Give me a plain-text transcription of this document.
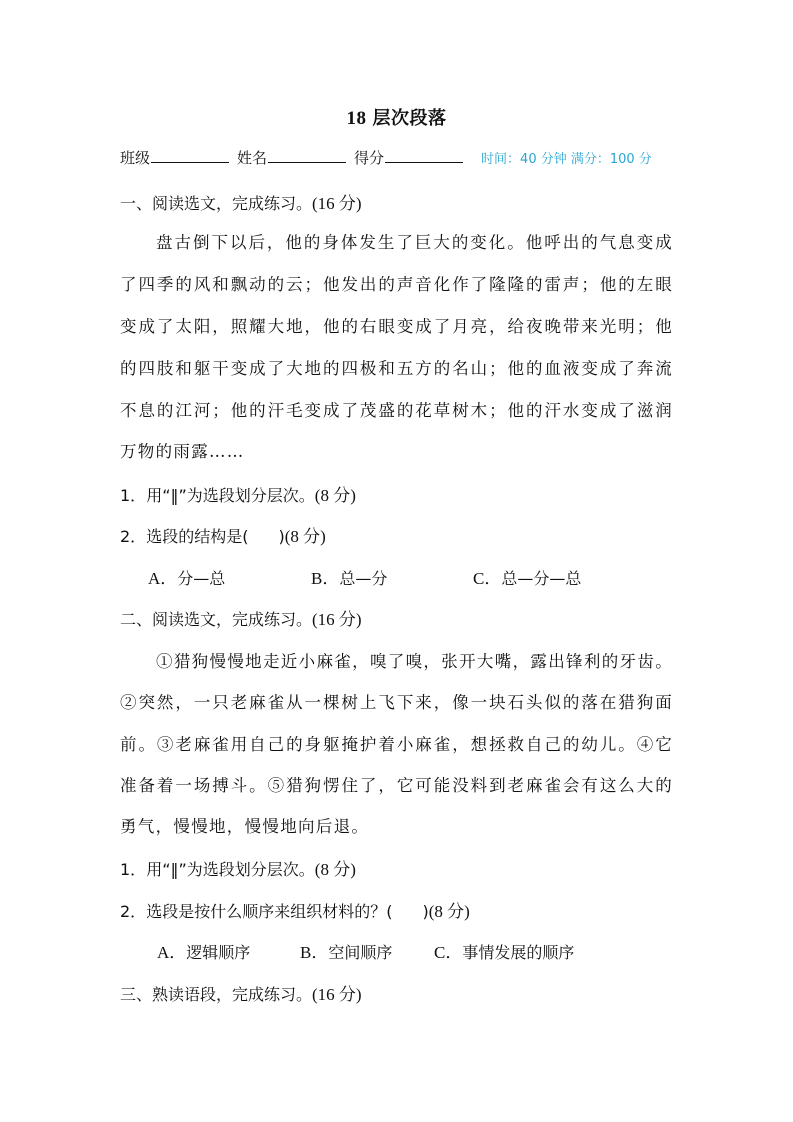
18 层次段落
班级	姓名	得分	时间：40 分钟 满分：100 分
一、阅读选文，完成练习。(16 分)
盘古倒下以后，他的身体发生了巨大的变化。他呼出的气息变成
了四季的风和飘动的云；他发出的声音化作了隆隆的雷声；他的左眼
变成了太阳，照耀大地，他的右眼变成了月亮，给夜晚带来光明；他
的四肢和躯干变成了大地的四极和五方的名山；他的血液变成了奔流
不息的江河；他的汗毛变成了茂盛的花草树木；他的汗水变成了滋润
万物的雨露……
1．用“‖”为选段划分层次。(8 分)
2．选段的结构是( )(8 分)
A．分—总	B．总—分	C．总—分—总
二、阅读选文，完成练习。(16 分)
①猎狗慢慢地走近小麻雀，嗅了嗅，张开大嘴，露出锋利的牙齿。
②突然，一只老麻雀从一棵树上飞下来，像一块石头似的落在猎狗面
前。③老麻雀用自己的身躯掩护着小麻雀，想拯救自己的幼儿。④它
准备着一场搏斗。⑤猎狗愣住了，它可能没料到老麻雀会有这么大的
勇气，慢慢地，慢慢地向后退。
1．用“‖”为选段划分层次。(8 分)
2．选段是按什么顺序来组织材料的？( )(8 分)
A．逻辑顺序	B．空间顺序	C．事情发展的顺序
三、熟读语段，完成练习。(16 分)
